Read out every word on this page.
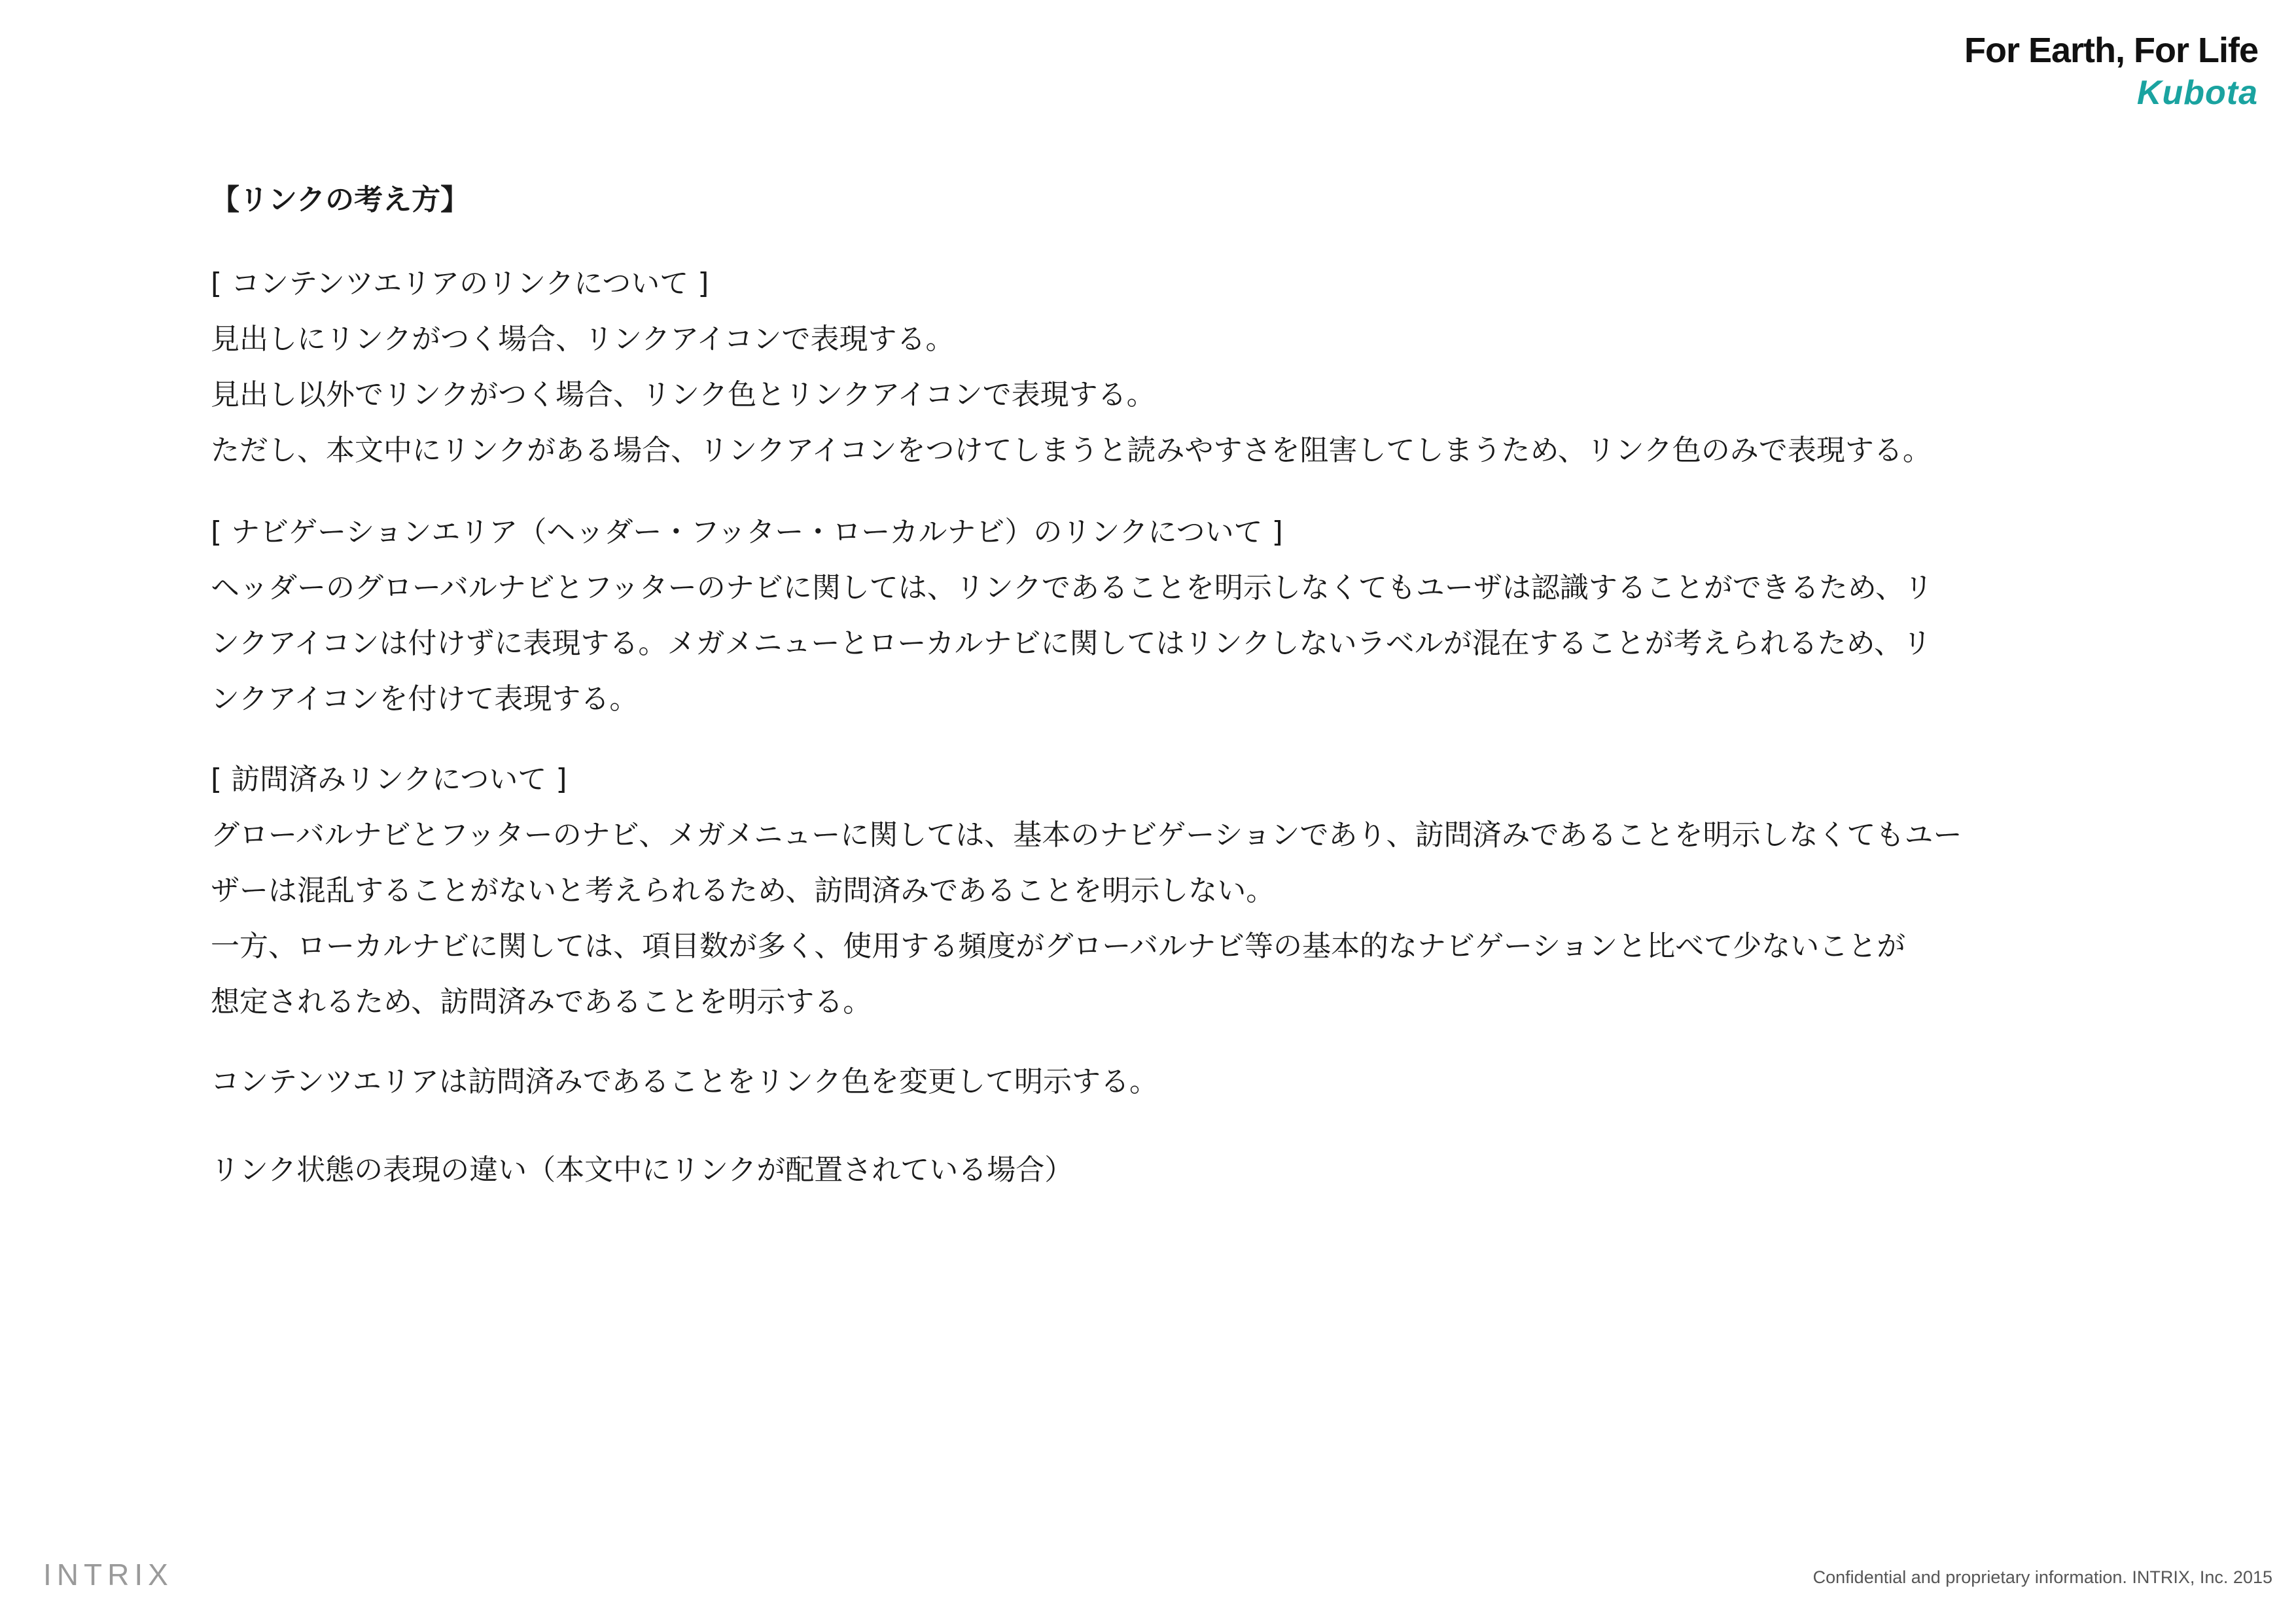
For Earth, For Life
Kubota
【リンクの考え方】
[ コンテンツエリアのリンクについて ]
見出しにリンクがつく場合、リンクアイコンで表現する。
見出し以外でリンクがつく場合、リンク色とリンクアイコンで表現する。
ただし、本文中にリンクがある場合、リンクアイコンをつけてしまうと読みやすさを阻害してしまうため、リンク色のみで表現する。
[ ナビゲーションエリア（ヘッダー・フッター・ローカルナビ）のリンクについて ]
ヘッダーのグローバルナビとフッターのナビに関しては、リンクであることを明示しなくてもユーザは認識することができるため、リ
ンクアイコンは付けずに表現する。メガメニューとローカルナビに関してはリンクしないラベルが混在することが考えられるため、リ
ンクアイコンを付けて表現する。
[ 訪問済みリンクについて ]
グローバルナビとフッターのナビ、メガメニューに関しては、基本のナビゲーションであり、訪問済みであることを明示しなくてもユー
ザーは混乱することがないと考えられるため、訪問済みであることを明示しない。
一方、ローカルナビに関しては、項目数が多く、使用する頻度がグローバルナビ等の基本的なナビゲーションと比べて少ないことが
想定されるため、訪問済みであることを明示する。
コンテンツエリアは訪問済みであることをリンク色を変更して明示する。
リンク状態の表現の違い（本文中にリンクが配置されている場合）
INTRIX	Confidential and proprietary information. INTRIX, Inc. 2015
